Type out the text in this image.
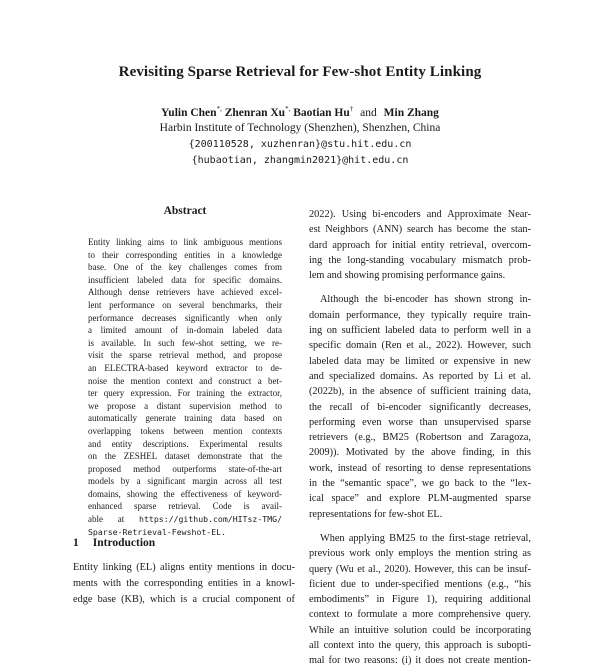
Revisiting Sparse Retrieval for Few-shot Entity Linking
Yulin Chen*, Zhenran Xu*, Baotian Hu† and Min Zhang
Harbin Institute of Technology (Shenzhen), Shenzhen, China
{200110528, xuzhenran}@stu.hit.edu.cn
{hubaotian, zhangmin2021}@hit.edu.cn
Abstract
Entity linking aims to link ambiguous mentions
to their corresponding entities in a knowledge
base. One of the key challenges comes from
insufficient labeled data for specific domains.
Although dense retrievers have achieved excel-
lent performance on several benchmarks, their
performance decreases significantly when only
a limited amount of in-domain labeled data
is available. In such few-shot setting, we re-
visit the sparse retrieval method, and propose
an ELECTRA-based keyword extractor to de-
noise the mention context and construct a bet-
ter query expression. For training the extractor,
we propose a distant supervision method to
automatically generate training data based on
overlapping tokens between mention contexts
and entity descriptions. Experimental results
on the ZESHEL dataset demonstrate that the
proposed method outperforms state-of-the-art
models by a significant margin across all test
domains, showing the effectiveness of keyword-
enhanced sparse retrieval. Code is avail-
able at https://github.com/HITsz-TMG/
Sparse-Retrieval-Fewshot-EL.
1 Introduction
Entity linking (EL) aligns entity mentions in docu-
ments with the corresponding entities in a knowl-
edge base (KB), which is a crucial component of
2022). Using bi-encoders and Approximate Near-
est Neighbors (ANN) search has become the stan-
dard approach for initial entity retrieval, overcom-
ing the long-standing vocabulary mismatch prob-
lem and showing promising performance gains.
Although the bi-encoder has shown strong in-
domain performance, they typically require train-
ing on sufficient labeled data to perform well in a
specific domain (Ren et al., 2022). However, such
labeled data may be limited or expensive in new
and specialized domains. As reported by Li et al.
(2022b), in the absence of sufficient training data,
the recall of bi-encoder significantly decreases,
performing even worse than unsupervised sparse
retrievers (e.g., BM25 (Robertson and Zaragoza,
2009)). Motivated by the above finding, in this
work, instead of resorting to dense representations
in the “semantic space”, we go back to the “lex-
ical space” and explore PLM-augmented sparse
representations for few-shot EL.
When applying BM25 to the first-stage retrieval,
previous work only employs the mention string as
query (Wu et al., 2020). However, this can be insuf-
ficient due to under-specified mentions (e.g., “his
embodiments” in Figure 1), requiring additional
context to formulate a more comprehensive query.
While an intuitive solution could be incorporating
all context into the query, this approach is subopti-
mal for two reasons: (i) it does not create mention-
